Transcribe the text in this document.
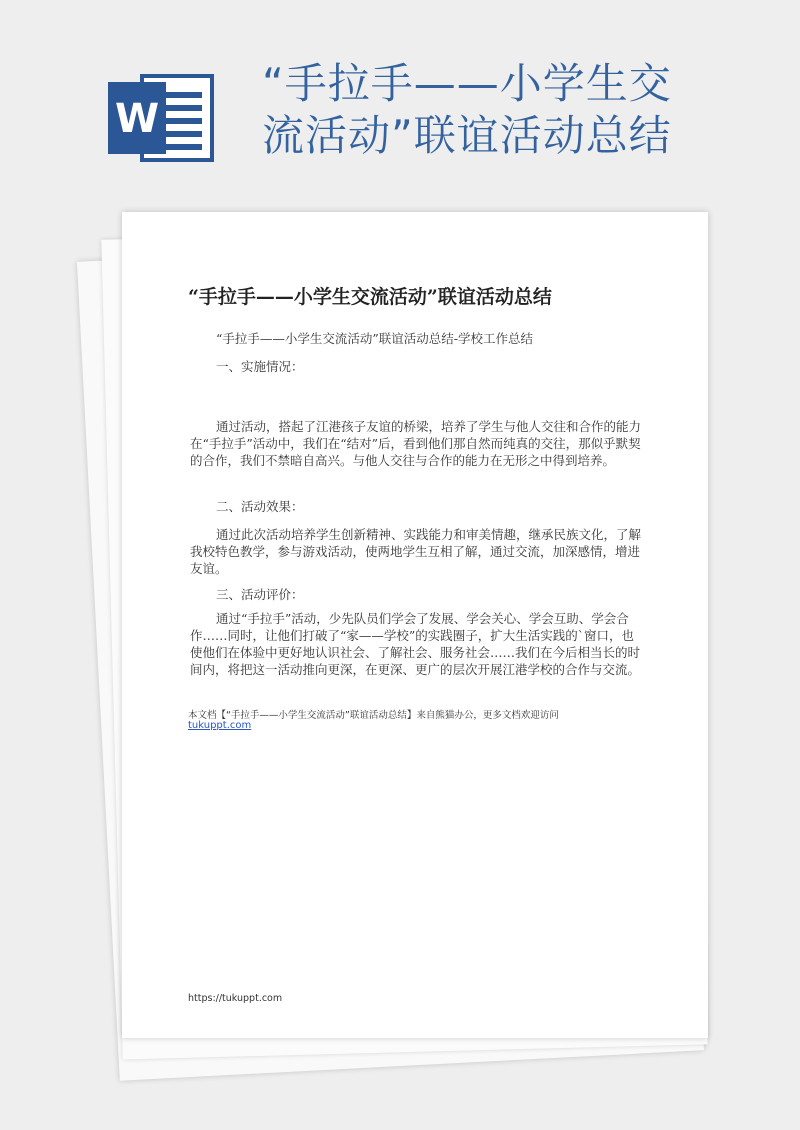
W
“手拉手——小学生交流活动”联谊活动总结
“手拉手——小学生交流活动”联谊活动总结
“手拉手——小学生交流活动”联谊活动总结-学校工作总结
一、实施情况：
通过活动，搭起了江港孩子友谊的桥梁，培养了学生与他人交往和合作的能力在“手拉手”活动中，我们在“结对”后，看到他们那自然而纯真的交往，那似乎默契的合作，我们不禁暗自高兴。与他人交往与合作的能力在无形之中得到培养。
二、活动效果：
通过此次活动培养学生创新精神、实践能力和审美情趣，继承民族文化，了解我校特色教学，参与游戏活动，使两地学生互相了解，通过交流，加深感情，增进友谊。
三、活动评价：
通过“手拉手”活动，少先队员们学会了发展、学会关心、学会互助、学会合作……同时，让他们打破了“家——学校”的实践圈子，扩大生活实践的`窗口，也使他们在体验中更好地认识社会、了解社会、服务社会……我们在今后相当长的时间内，将把这一活动推向更深，在更深、更广的层次开展江港学校的合作与交流。
本文档【“手拉手——小学生交流活动”联谊活动总结】来自熊猫办公，更多文档欢迎访问
tukuppt.com
https://tukuppt.com
